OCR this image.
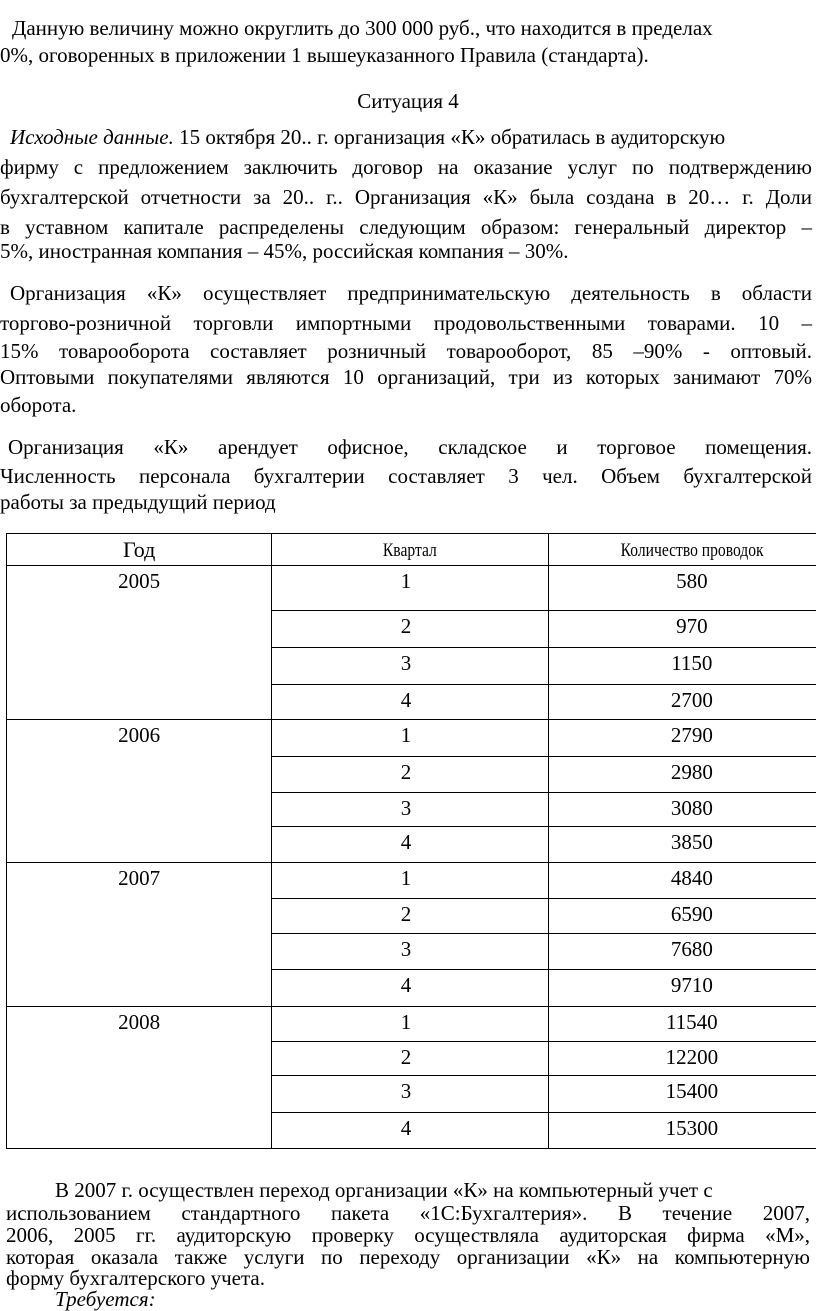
Данную величину можно округлить до 300 000 руб., что находится в пределах
0%, оговоренных в приложении 1 вышеуказанного Правила (стандарта).
Ситуация 4
Исходные данные. 15 октября 20.. г. организация «К» обратилась в аудиторскую
фирму с предложением заключить договор на оказание услуг по подтверждению
бухгалтерской отчетности за 20.. г.. Организация «К» была создана в 20… г. Доли
в уставном капитале распределены следующим образом: генеральный директор –
5%, иностранная компания – 45%, российская компания – 30%.
Организация «К» осуществляет предпринимательскую деятельность в области
торгово-розничной торговли импортными продовольственными товарами. 10 –
15% товарооборота составляет розничный товарооборот, 85 –90% - оптовый.
Оптовыми покупателями являются 10 организаций, три из которых занимают 70%
оборота.
Организация «К» арендует офисное, складское и торговое помещения.
Численность персонала бухгалтерии составляет 3 чел. Объем бухгалтерской
работы за предыдущий период
Год	Квартал	Количество проводок
2005	1	580
	2	970
	3	1150
	4	2700
2006	1	2790
	2	2980
	3	3080
	4	3850
2007	1	4840
	2	6590
	3	7680
	4	9710
2008	1	11540
	2	12200
	3	15400
	4	15300
В 2007 г. осуществлен переход организации «К» на компьютерный учет с
использованием стандартного пакета «1С:Бухгалтерия». В течение 2007,
2006, 2005 гг. аудиторскую проверку осуществляла аудиторская фирма «М»,
которая оказала также услуги по переходу организации «К» на компьютерную
форму бухгалтерского учета.
Требуется:
